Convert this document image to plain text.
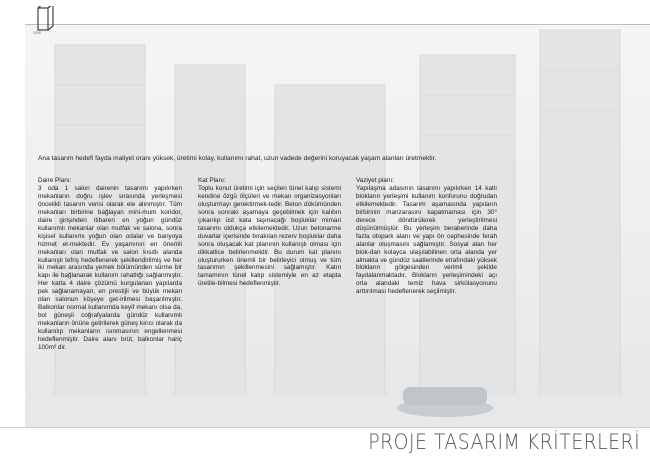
ÜRE
Ana tasarım hedefi fayda maliyet oranı yüksek, üretimi kolay, kullanımı rahat, uzun vadede değerini koruyacak yaşam alanları üretmektir.
Daire Planı:
3 oda 1 salon dairenin tasarımı yapılırken mekanların doğru işlev sırasında yerleşmesi öncelikli tasarım verisi olarak ele alınmıştır. Tüm mekanları birbirine bağlayan mini-mum koridor, daire girişinden itibaren en yoğun gündüz kullanımlı mekanlar olan mutfak ve salona, sonra kişisel kullanımı yoğun olan odalar ve banyoya hizmet et-mektedir. Ev yaşamının en önemli mekanları olan mutfak ve salon kısıtlı alanda kullanışlı tefriş hedeflenerek şekillendirilmiş ve her iki mekan arasında yemek bölümünden sürme bir kapı ile bağlanarak kullanım rahatlığı sağlanmıştır. Her katta 4 daire çözümü kurgulanan yapılarda pek sağlanamayan, en prestijli ve büyük mekan olan salonun köşeye get-irilmesi başarılmıştır. Balkonlar normal kullanımda keyif mekanı olsa da, bol güneşli coğrafyalarda gündüz kullanımlı mekanların önüne getirilerek güneş kırıcı olarak da kullanılıp mekanların ısınmasının engellenmesi hedeflenmiştir. Daire alanı brüt, balkonlar hariç 100m² dir.
Kat Planı:
Toplu konut üretimi için seçilen tünel kalıp sistemi kendine özgü ölçüleri ve mekan organizasyonları oluşturmayı gerektirmek-tedir. Beton dökümünden sonra sonraki aşamaya geçebilmek için kalıbın çıkarılıp üst kata taşınacağı boşluklar mimari tasarımı oldukça etkilemektedir. Uzun betonarme duvarlar içerisinde bırakılan rezerv boşluklar daha sonra oluşacak kat planının kullanışlı olması için dikkatlice belirlenmelidir. Bu durum kat planını oluştururken önemli bir belirleyici olmuş ve tüm tasarımın şekillenmesini sağlamıştır. Katın tamamının tünel kalıp sistemiyle en az etapta üretile-bilmesi hedeflenmiştir.
Vaziyet planı:
Yapılaşma adasının tasarımı yapılırken 14 katlı blokların yerleşimi kullanım konforunu doğrudan etkilemektedir. Tasarım aşamasında yapıların birbirinin manzarasını kapatmaması için 30° derece döndürülerek yerleştirilmesi düşünülmüştür. Bu yerleşim beraberinde daha fazla otopark alanı ve yapı ön cephesinde ferah alanlar oluşmasını sağlamıştır. Sosyal alan her blok-dan kolayca ulaşılabilinen orta alanda yer almakta ve gündüz saatlerinde etrafındaki yüksek blokların gölgesinden verimli şekilde faydalanmaktadır. Blokların yerleşimindeki açı orta alandaki temiz hava sirkülasyonunu arttırılması hedeflenerek seçilmiştir.
PROJE TASARIM KRİTERLERİ
